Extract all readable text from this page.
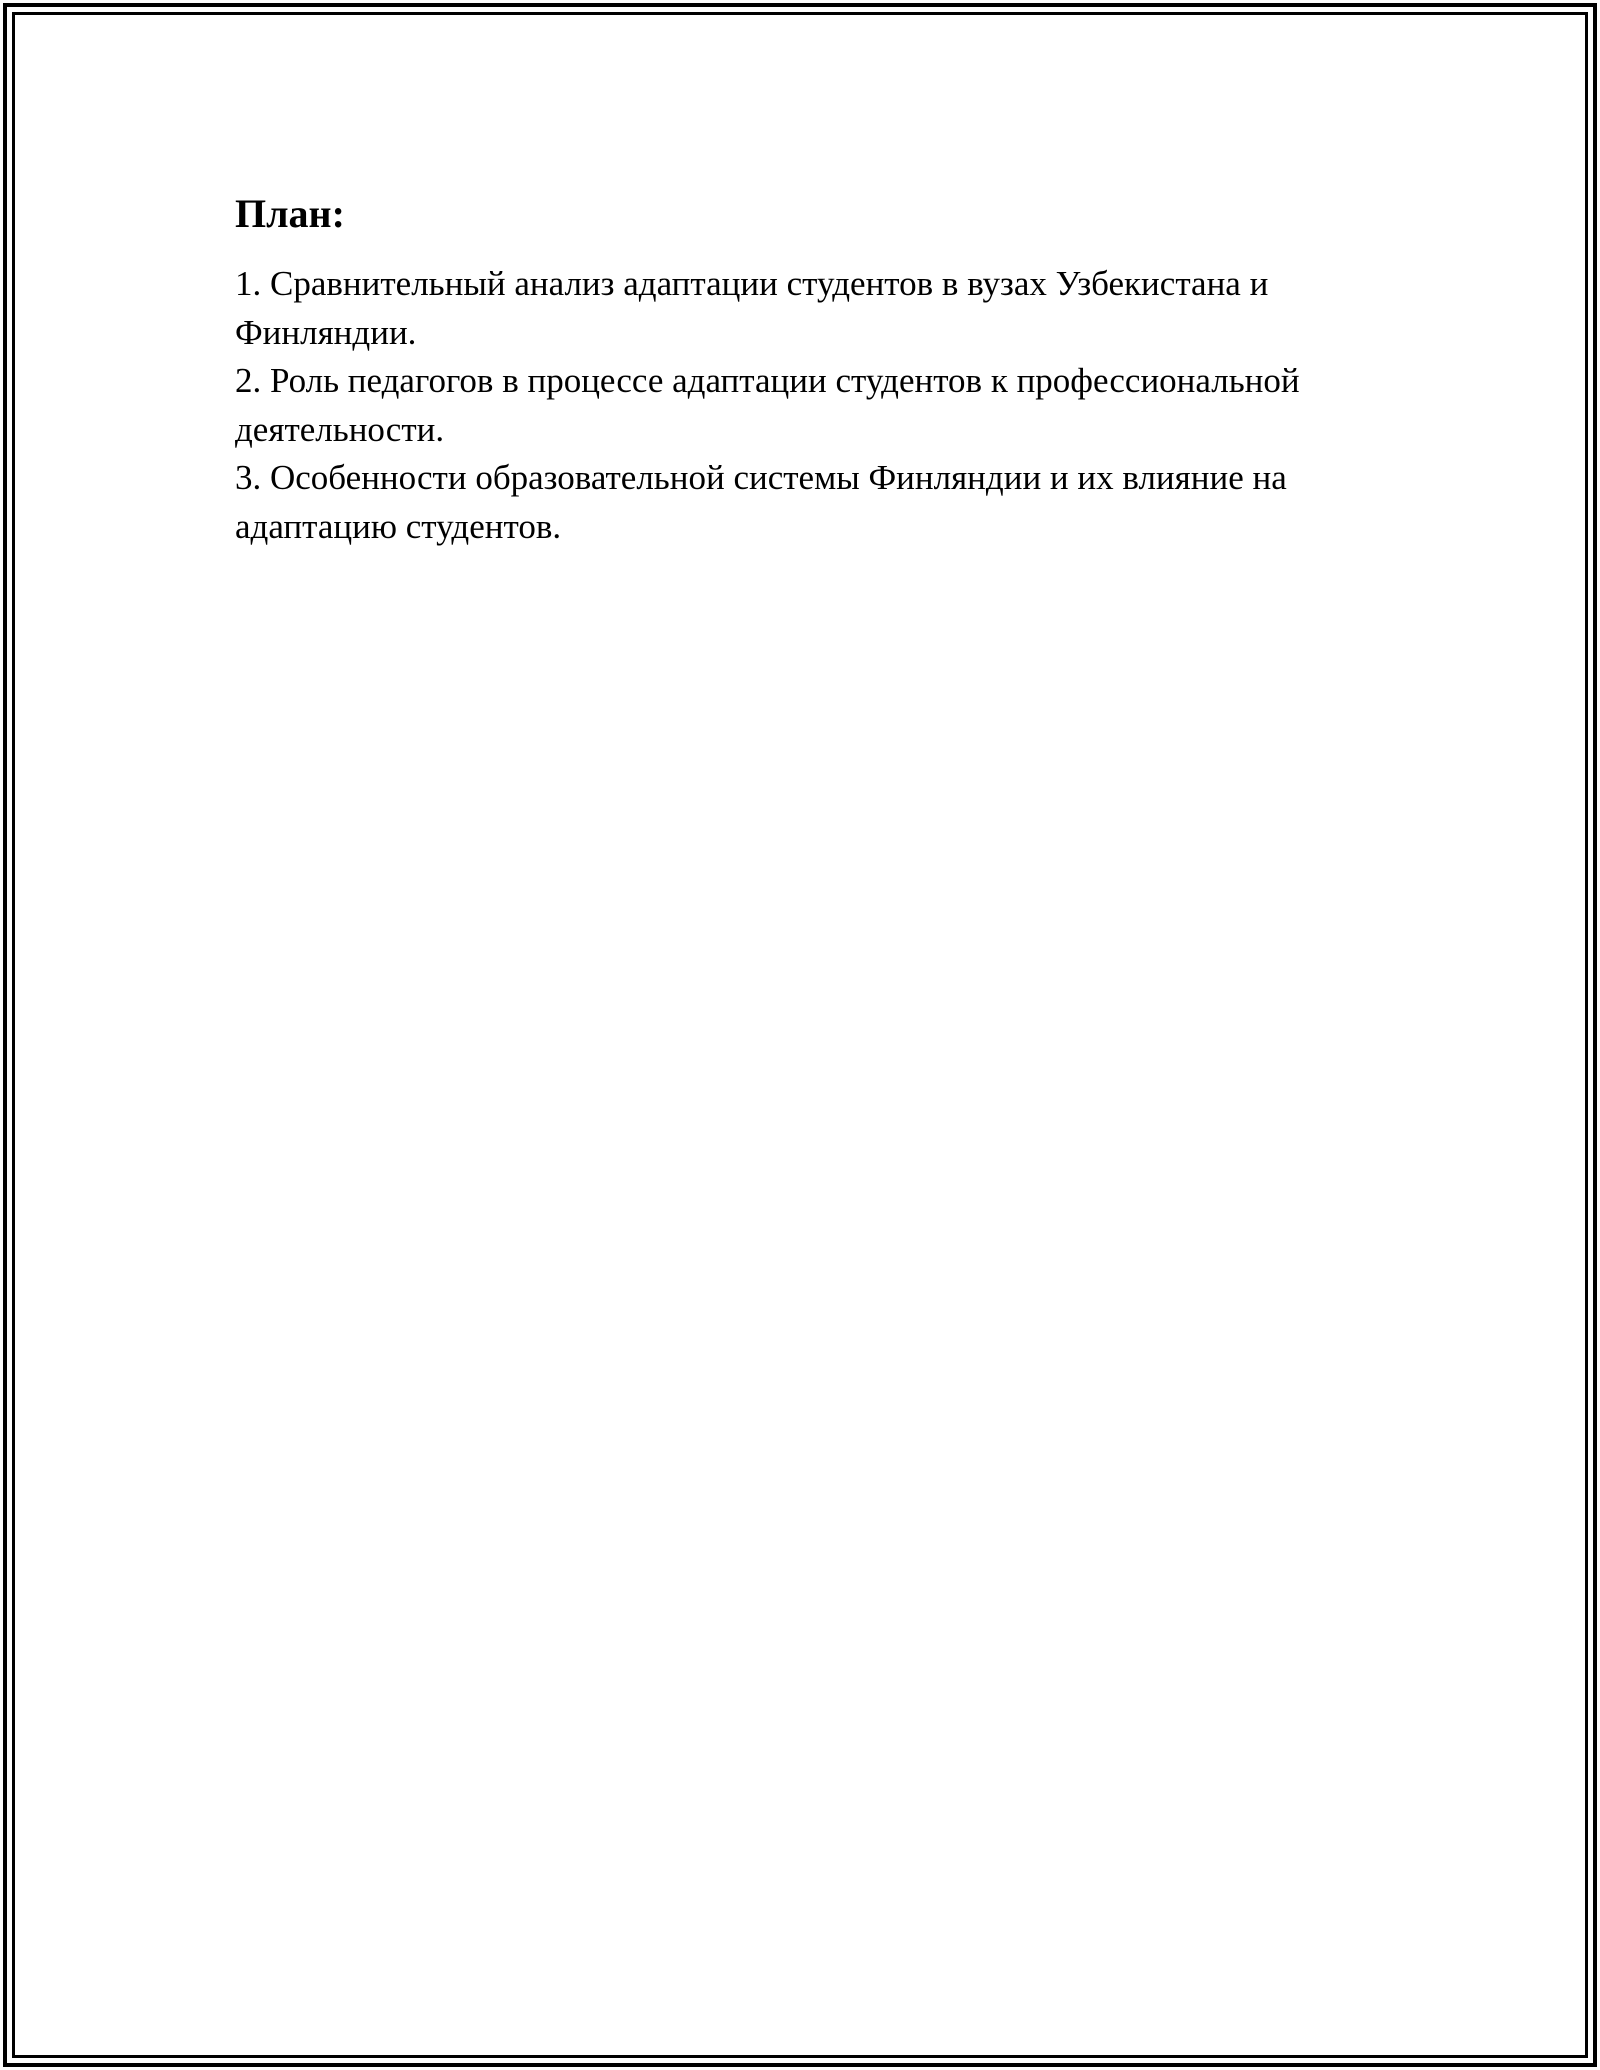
План:
1. Сравнительный анализ адаптации студентов в вузах Узбекистана и Финляндии.
2. Роль педагогов в процессе адаптации студентов к профессиональной деятельности.
3. Особенности образовательной системы Финляндии и их влияние на адаптацию студентов.
